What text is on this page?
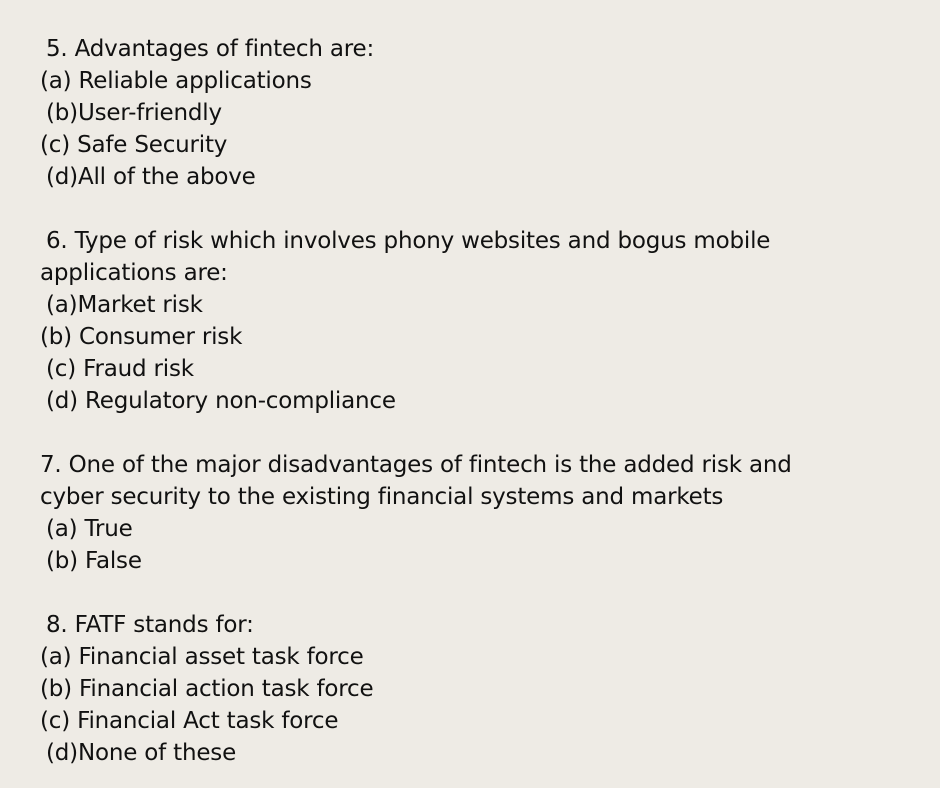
5. Advantages of fintech are:
(a) Reliable applications
(b)User-friendly
(c) Safe Security
(d)All of the above
6. Type of risk which involves phony websites and bogus mobile
applications are:
(a)Market risk
(b) Consumer risk
(c) Fraud risk
(d) Regulatory non-compliance
7. One of the major disadvantages of fintech is the added risk and
cyber security to the existing financial systems and markets
(a) True
(b) False
8. FATF stands for:
(a) Financial asset task force
(b) Financial action task force
(c) Financial Act task force
(d)None of these
